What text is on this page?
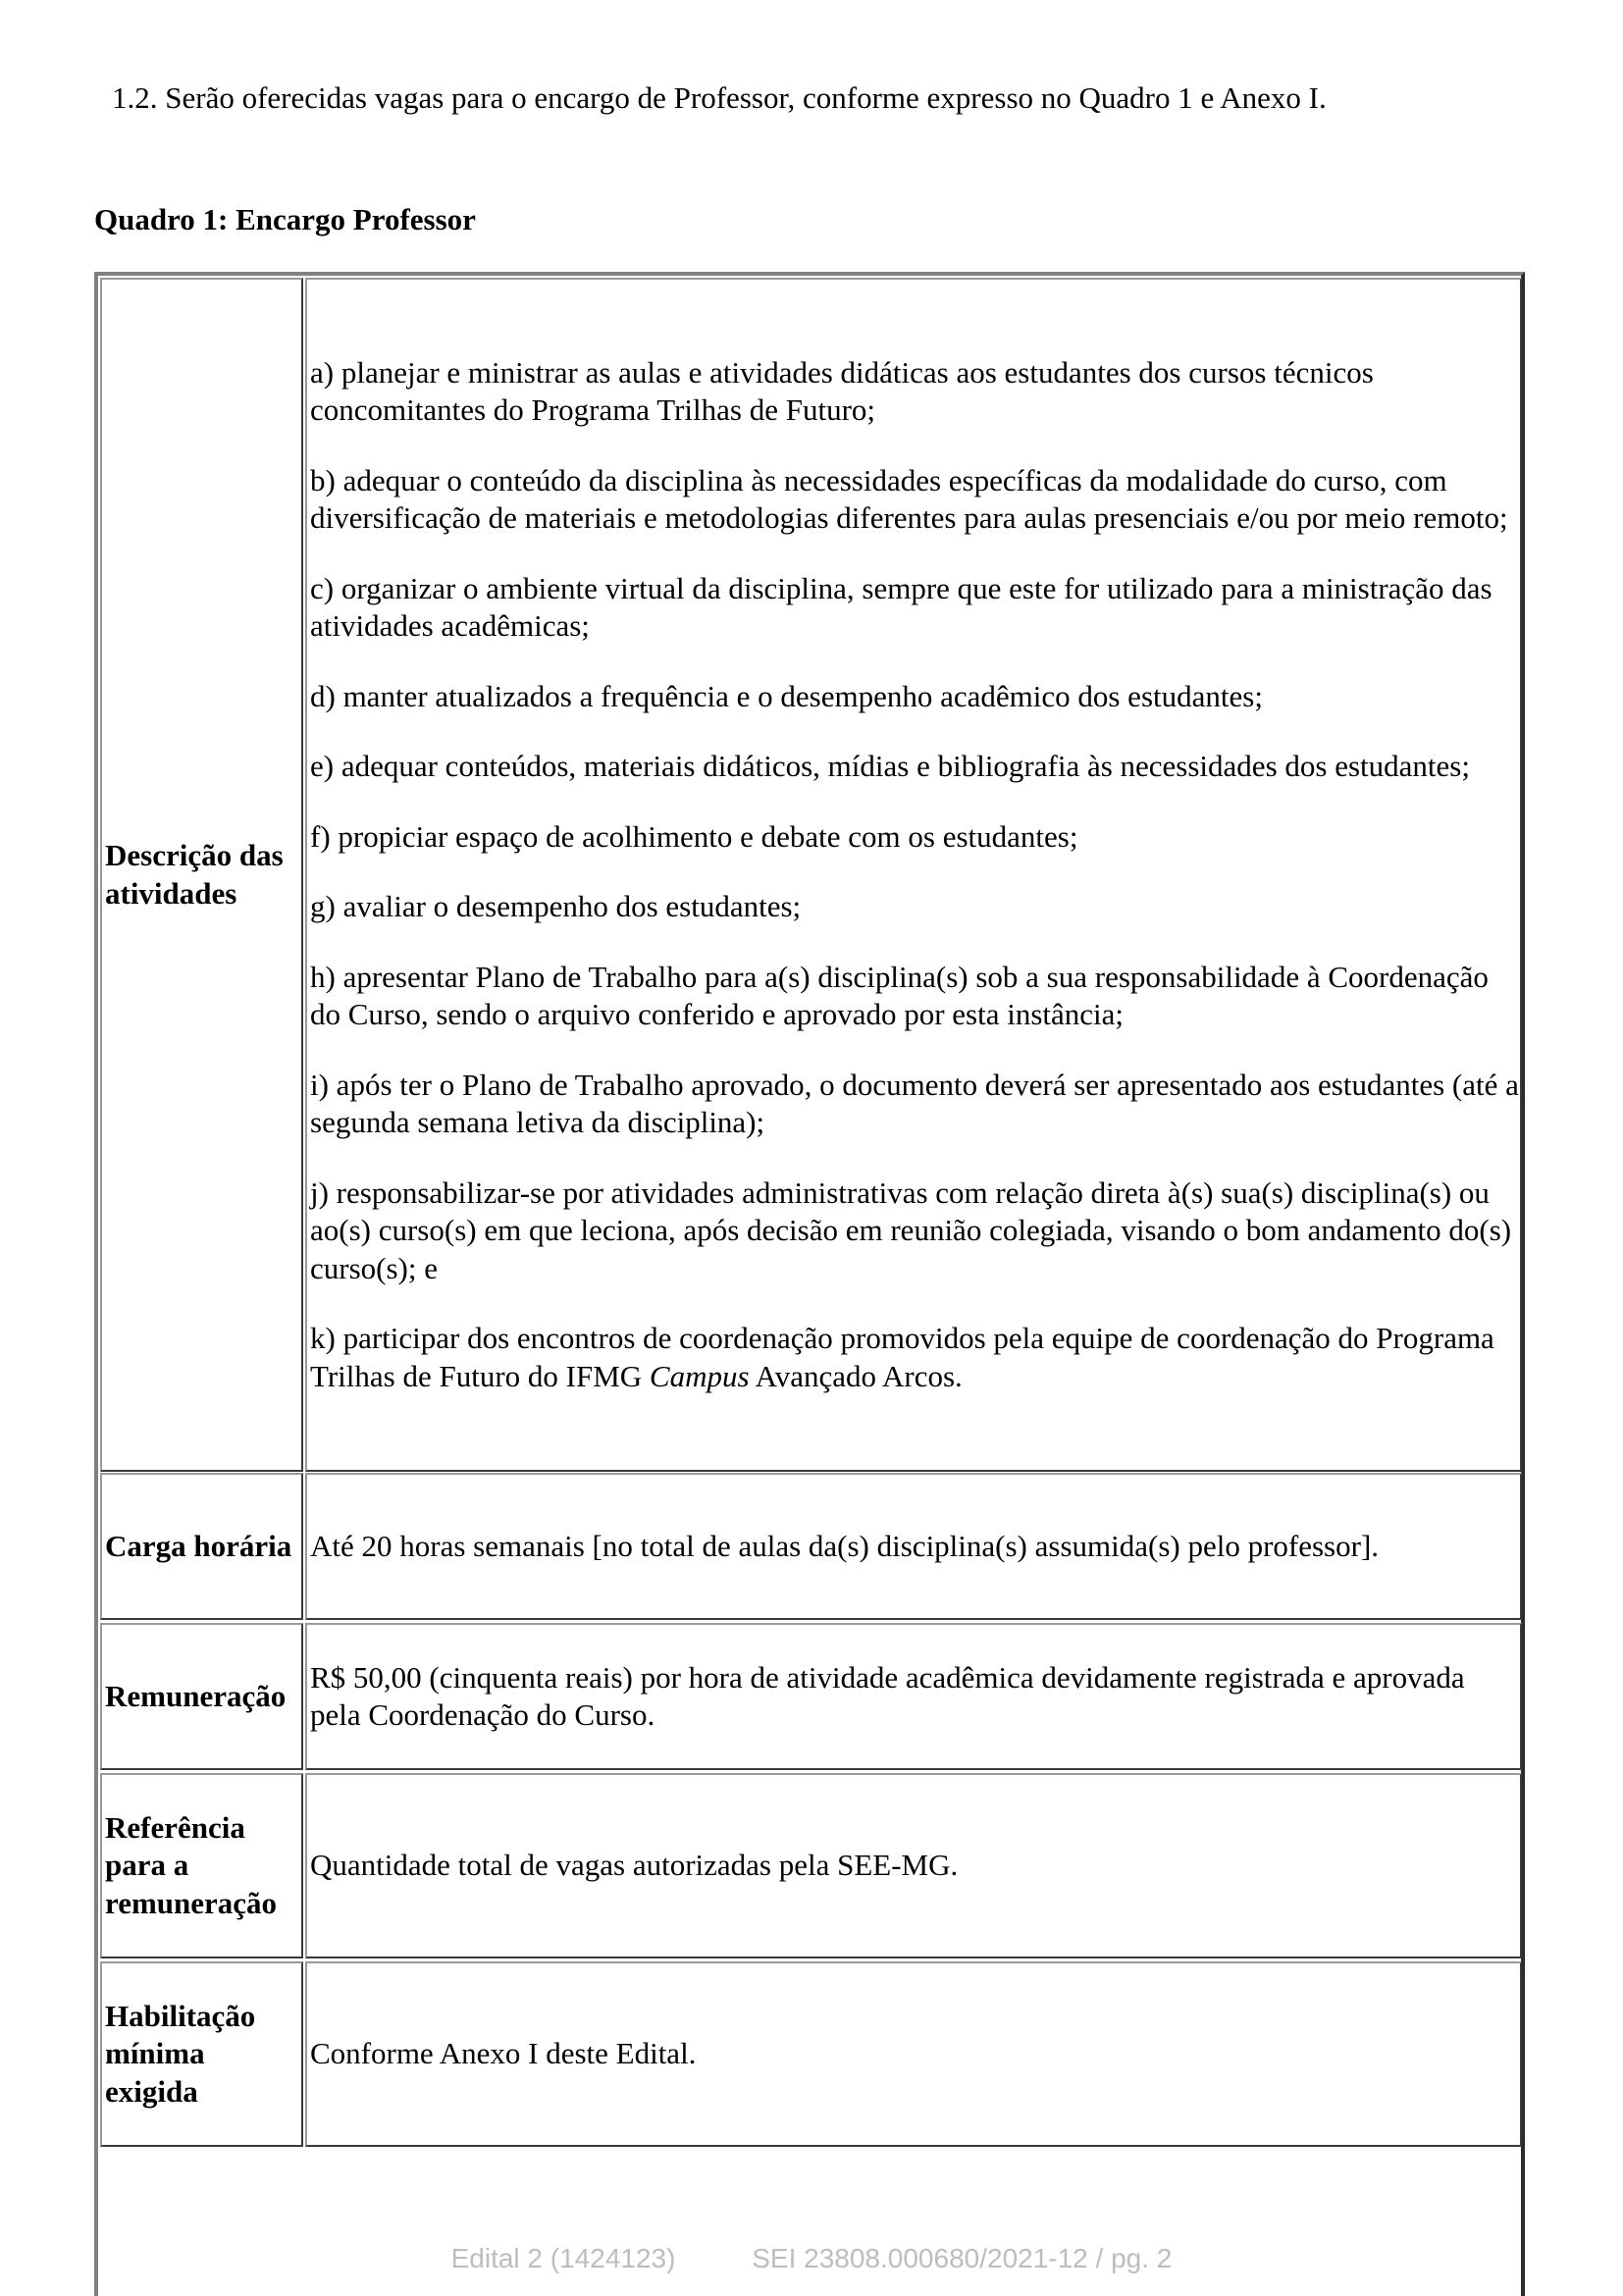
1.2. Serão oferecidas vagas para o encargo de Professor, conforme expresso no Quadro 1 e Anexo I.
Quadro 1: Encargo Professor
Descrição das atividades
a) planejar e ministrar as aulas e atividades didáticas aos estudantes dos cursos técnicos concomitantes do Programa Trilhas de Futuro;
b) adequar o conteúdo da disciplina às necessidades específicas da modalidade do curso, com diversificação de materiais e metodologias diferentes para aulas presenciais e/ou por meio remoto;
c) organizar o ambiente virtual da disciplina, sempre que este for utilizado para a ministração das atividades acadêmicas;
d) manter atualizados a frequência e o desempenho acadêmico dos estudantes;
e) adequar conteúdos, materiais didáticos, mídias e bibliografia às necessidades dos estudantes;
f) propiciar espaço de acolhimento e debate com os estudantes;
g) avaliar o desempenho dos estudantes;
h) apresentar Plano de Trabalho para a(s) disciplina(s) sob a sua responsabilidade à Coordenação do Curso, sendo o arquivo conferido e aprovado por esta instância;
i) após ter o Plano de Trabalho aprovado, o documento deverá ser apresentado aos estudantes (até a segunda semana letiva da disciplina);
j) responsabilizar-se por atividades administrativas com relação direta à(s) sua(s) disciplina(s) ou ao(s) curso(s) em que leciona, após decisão em reunião colegiada, visando o bom andamento do(s) curso(s); e
k) participar dos encontros de coordenação promovidos pela equipe de coordenação do Programa Trilhas de Futuro do IFMG Campus Avançado Arcos.
Carga horária Até 20 horas semanais [no total de aulas da(s) disciplina(s) assumida(s) pelo professor].
Remuneração
R$ 50,00 (cinquenta reais) por hora de atividade acadêmica devidamente registrada e aprovada pela Coordenação do Curso.
Referência para a remuneração
Quantidade total de vagas autorizadas pela SEE-MG.
Habilitação mínima exigida
Conforme Anexo I deste Edital.
Edital 2 (1424123)	SEI 23808.000680/2021-12 / pg. 2
